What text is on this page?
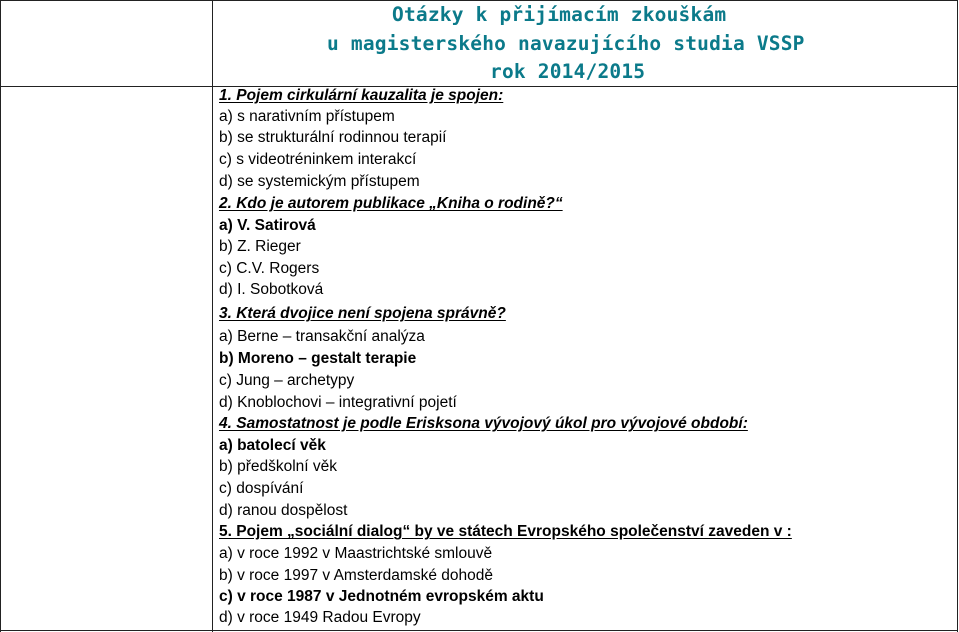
Otázky k přijímacím zkouškám
u magisterského navazujícího studia VSSP
rok 2014/2015
1. Pojem cirkulární kauzalita je spojen:
a) s narativním přístupem
b) se strukturální rodinnou terapií
c) s videotréninkem interakcí
d) se systemickým přístupem
2. Kdo je autorem publikace „Kniha o rodině?“
a) V. Satirová
b) Z. Rieger
c) C.V. Rogers
d) I. Sobotková
3. Která dvojice není spojena správně?
a) Berne – transakční analýza
b) Moreno – gestalt terapie
c) Jung – archetypy
d) Knoblochovi – integrativní pojetí
4. Samostatnost je podle Erisksona vývojový úkol pro vývojové období:
a) batolecí věk
b) předškolní věk
c) dospívání
d) ranou dospělost
5. Pojem „sociální dialog“ by ve státech Evropského společenství zaveden v :
a) v roce 1992 v Maastrichtské smlouvě
b) v roce 1997 v Amsterdamské dohodě
c) v roce 1987 v Jednotném evropském aktu
d) v roce 1949 Radou Evropy
